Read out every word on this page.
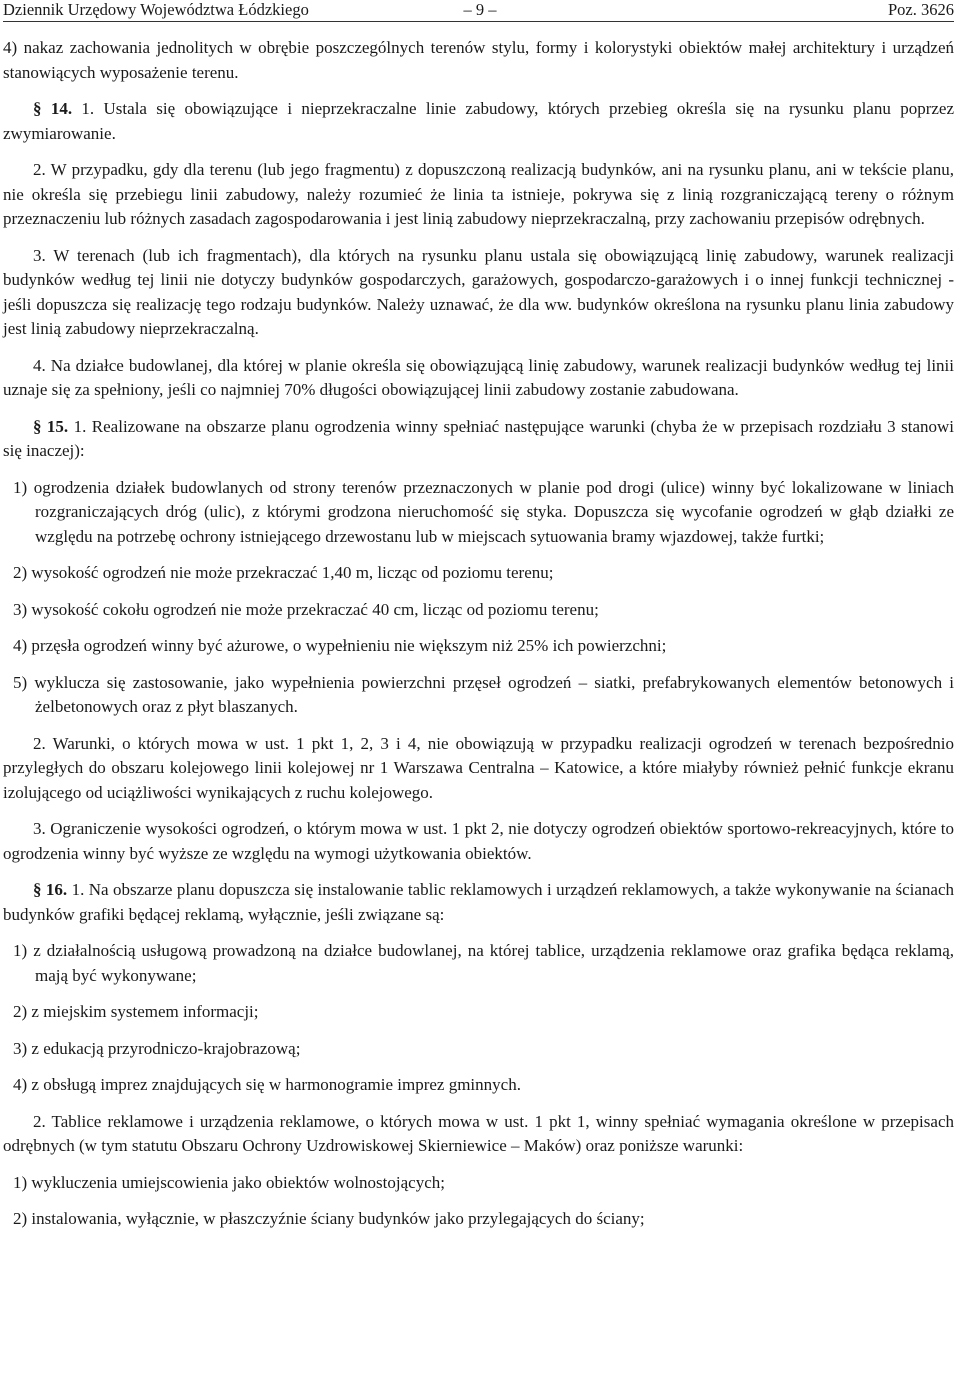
Dziennik Urzędowy Województwa Łódzkiego	– 9 –	Poz. 3626

4) nakaz zachowania jednolitych w obrębie poszczególnych terenów stylu, formy i kolorystyki obiektów małej architektury i urządzeń stanowiących wyposażenie terenu.

§ 14. 1. Ustala się obowiązujące i nieprzekraczalne linie zabudowy, których przebieg określa się na rysunku planu poprzez zwymiarowanie.

2. W przypadku, gdy dla terenu (lub jego fragmentu) z dopuszczoną realizacją budynków, ani na rysunku planu, ani w tekście planu, nie określa się przebiegu linii zabudowy, należy rozumieć że linia ta istnieje, pokrywa się z linią rozgraniczającą tereny o różnym przeznaczeniu lub różnych zasadach zagospodarowania i jest linią zabudowy nieprzekraczalną, przy zachowaniu przepisów odrębnych.

3. W terenach (lub ich fragmentach), dla których na rysunku planu ustala się obowiązującą linię zabudowy, warunek realizacji budynków według tej linii nie dotyczy budynków gospodarczych, garażowych, gospodarczo-garażowych i o innej funkcji technicznej - jeśli dopuszcza się realizację tego rodzaju budynków. Należy uznawać, że dla ww. budynków określona na rysunku planu linia zabudowy jest linią zabudowy nieprzekraczalną.

4. Na działce budowlanej, dla której w planie określa się obowiązującą linię zabudowy, warunek realizacji budynków według tej linii uznaje się za spełniony, jeśli co najmniej 70% długości obowiązującej linii zabudowy zostanie zabudowana.

§ 15. 1. Realizowane na obszarze planu ogrodzenia winny spełniać następujące warunki (chyba że w przepisach rozdziału 3 stanowi się inaczej):

1) ogrodzenia działek budowlanych od strony terenów przeznaczonych w planie pod drogi (ulice) winny być lokalizowane w liniach rozgraniczających dróg (ulic), z którymi grodzona nieruchomość się styka. Dopuszcza się wycofanie ogrodzeń w głąb działki ze względu na potrzebę ochrony istniejącego drzewostanu lub w miejscach sytuowania bramy wjazdowej, także furtki;

2) wysokość ogrodzeń nie może przekraczać 1,40 m, licząc od poziomu terenu;

3) wysokość cokołu ogrodzeń nie może przekraczać 40 cm, licząc od poziomu terenu;

4) przęsła ogrodzeń winny być ażurowe, o wypełnieniu nie większym niż 25% ich powierzchni;

5) wyklucza się zastosowanie, jako wypełnienia powierzchni przęseł ogrodzeń – siatki, prefabrykowanych elementów betonowych i żelbetonowych oraz z płyt blaszanych.

2. Warunki, o których mowa w ust. 1 pkt 1, 2, 3 i 4, nie obowiązują w przypadku realizacji ogrodzeń w terenach bezpośrednio przyległych do obszaru kolejowego linii kolejowej nr 1 Warszawa Centralna – Katowice, a które miałyby również pełnić funkcje ekranu izolującego od uciążliwości wynikających z ruchu kolejowego.

3. Ograniczenie wysokości ogrodzeń, o którym mowa w ust. 1 pkt 2, nie dotyczy ogrodzeń obiektów sportowo-rekreacyjnych, które to ogrodzenia winny być wyższe ze względu na wymogi użytkowania obiektów.

§ 16. 1. Na obszarze planu dopuszcza się instalowanie tablic reklamowych i urządzeń reklamowych, a także wykonywanie na ścianach budynków grafiki będącej reklamą, wyłącznie, jeśli związane są:

1) z działalnością usługową prowadzoną na działce budowlanej, na której tablice, urządzenia reklamowe oraz grafika będąca reklamą, mają być wykonywane;

2) z miejskim systemem informacji;

3) z edukacją przyrodniczo-krajobrazową;

4) z obsługą imprez znajdujących się w harmonogramie imprez gminnych.

2. Tablice reklamowe i urządzenia reklamowe, o których mowa w ust. 1 pkt 1, winny spełniać wymagania określone w przepisach odrębnych (w tym statutu Obszaru Ochrony Uzdrowiskowej Skierniewice – Maków) oraz poniższe warunki:

1) wykluczenia umiejscowienia jako obiektów wolnostojących;

2) instalowania, wyłącznie, w płaszczyźnie ściany budynków jako przylegających do ściany;
